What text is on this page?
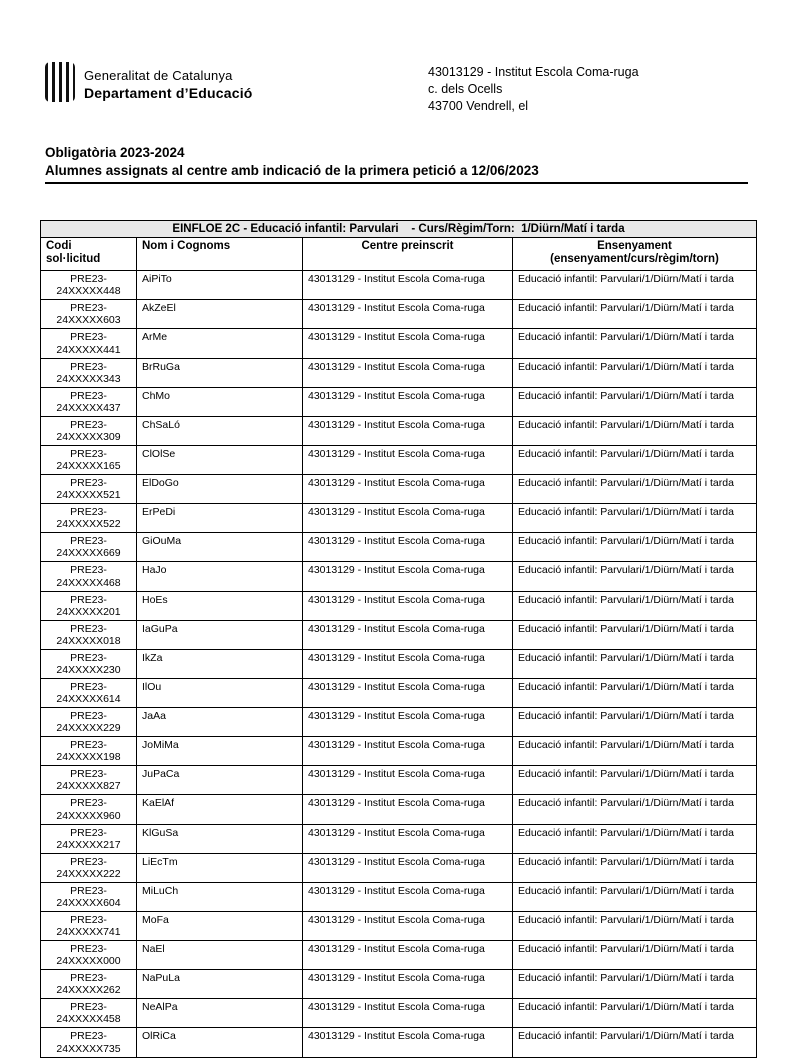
Generalitat de Catalunya
Departament d’Educació
43013129 - Institut Escola Coma-ruga
c. dels Ocells
43700 Vendrell, el
Obligatòria 2023-2024
Alumnes assignats al centre amb indicació de la primera petició a 12/06/2023
EINFLOE 2C - Educació infantil: Parvulari    - Curs/Règim/Torn:  1/Diürn/Matí i tarda			
Codi
sol·licitud	Nom i Cognoms	Centre preinscrit	Ensenyament
(ensenyament/curs/règim/torn)
PRE23-
24XXXXX448	AiPiTo	43013129 - Institut Escola Coma-ruga	Educació infantil: Parvulari/1/Diürn/Matí i tarda
PRE23-
24XXXXX603	AkZeEl	43013129 - Institut Escola Coma-ruga	Educació infantil: Parvulari/1/Diürn/Matí i tarda
PRE23-
24XXXXX441	ArMe	43013129 - Institut Escola Coma-ruga	Educació infantil: Parvulari/1/Diürn/Matí i tarda
PRE23-
24XXXXX343	BrRuGa	43013129 - Institut Escola Coma-ruga	Educació infantil: Parvulari/1/Diürn/Matí i tarda
PRE23-
24XXXXX437	ChMo	43013129 - Institut Escola Coma-ruga	Educació infantil: Parvulari/1/Diürn/Matí i tarda
PRE23-
24XXXXX309	ChSaLó	43013129 - Institut Escola Coma-ruga	Educació infantil: Parvulari/1/Diürn/Matí i tarda
PRE23-
24XXXXX165	ClOlSe	43013129 - Institut Escola Coma-ruga	Educació infantil: Parvulari/1/Diürn/Matí i tarda
PRE23-
24XXXXX521	ElDoGo	43013129 - Institut Escola Coma-ruga	Educació infantil: Parvulari/1/Diürn/Matí i tarda
PRE23-
24XXXXX522	ErPeDi	43013129 - Institut Escola Coma-ruga	Educació infantil: Parvulari/1/Diürn/Matí i tarda
PRE23-
24XXXXX669	GiOuMa	43013129 - Institut Escola Coma-ruga	Educació infantil: Parvulari/1/Diürn/Matí i tarda
PRE23-
24XXXXX468	HaJo	43013129 - Institut Escola Coma-ruga	Educació infantil: Parvulari/1/Diürn/Matí i tarda
PRE23-
24XXXXX201	HoEs	43013129 - Institut Escola Coma-ruga	Educació infantil: Parvulari/1/Diürn/Matí i tarda
PRE23-
24XXXXX018	IaGuPa	43013129 - Institut Escola Coma-ruga	Educació infantil: Parvulari/1/Diürn/Matí i tarda
PRE23-
24XXXXX230	IkZa	43013129 - Institut Escola Coma-ruga	Educació infantil: Parvulari/1/Diürn/Matí i tarda
PRE23-
24XXXXX614	IlOu	43013129 - Institut Escola Coma-ruga	Educació infantil: Parvulari/1/Diürn/Matí i tarda
PRE23-
24XXXXX229	JaAa	43013129 - Institut Escola Coma-ruga	Educació infantil: Parvulari/1/Diürn/Matí i tarda
PRE23-
24XXXXX198	JoMiMa	43013129 - Institut Escola Coma-ruga	Educació infantil: Parvulari/1/Diürn/Matí i tarda
PRE23-
24XXXXX827	JuPaCa	43013129 - Institut Escola Coma-ruga	Educació infantil: Parvulari/1/Diürn/Matí i tarda
PRE23-
24XXXXX960	KaElAf	43013129 - Institut Escola Coma-ruga	Educació infantil: Parvulari/1/Diürn/Matí i tarda
PRE23-
24XXXXX217	KlGuSa	43013129 - Institut Escola Coma-ruga	Educació infantil: Parvulari/1/Diürn/Matí i tarda
PRE23-
24XXXXX222	LiEcTm	43013129 - Institut Escola Coma-ruga	Educació infantil: Parvulari/1/Diürn/Matí i tarda
PRE23-
24XXXXX604	MiLuCh	43013129 - Institut Escola Coma-ruga	Educació infantil: Parvulari/1/Diürn/Matí i tarda
PRE23-
24XXXXX741	MoFa	43013129 - Institut Escola Coma-ruga	Educació infantil: Parvulari/1/Diürn/Matí i tarda
PRE23-
24XXXXX000	NaEl	43013129 - Institut Escola Coma-ruga	Educació infantil: Parvulari/1/Diürn/Matí i tarda
PRE23-
24XXXXX262	NaPuLa	43013129 - Institut Escola Coma-ruga	Educació infantil: Parvulari/1/Diürn/Matí i tarda
PRE23-
24XXXXX458	NeAlPa	43013129 - Institut Escola Coma-ruga	Educació infantil: Parvulari/1/Diürn/Matí i tarda
PRE23-
24XXXXX735	OlRiCa	43013129 - Institut Escola Coma-ruga	Educació infantil: Parvulari/1/Diürn/Matí i tarda
